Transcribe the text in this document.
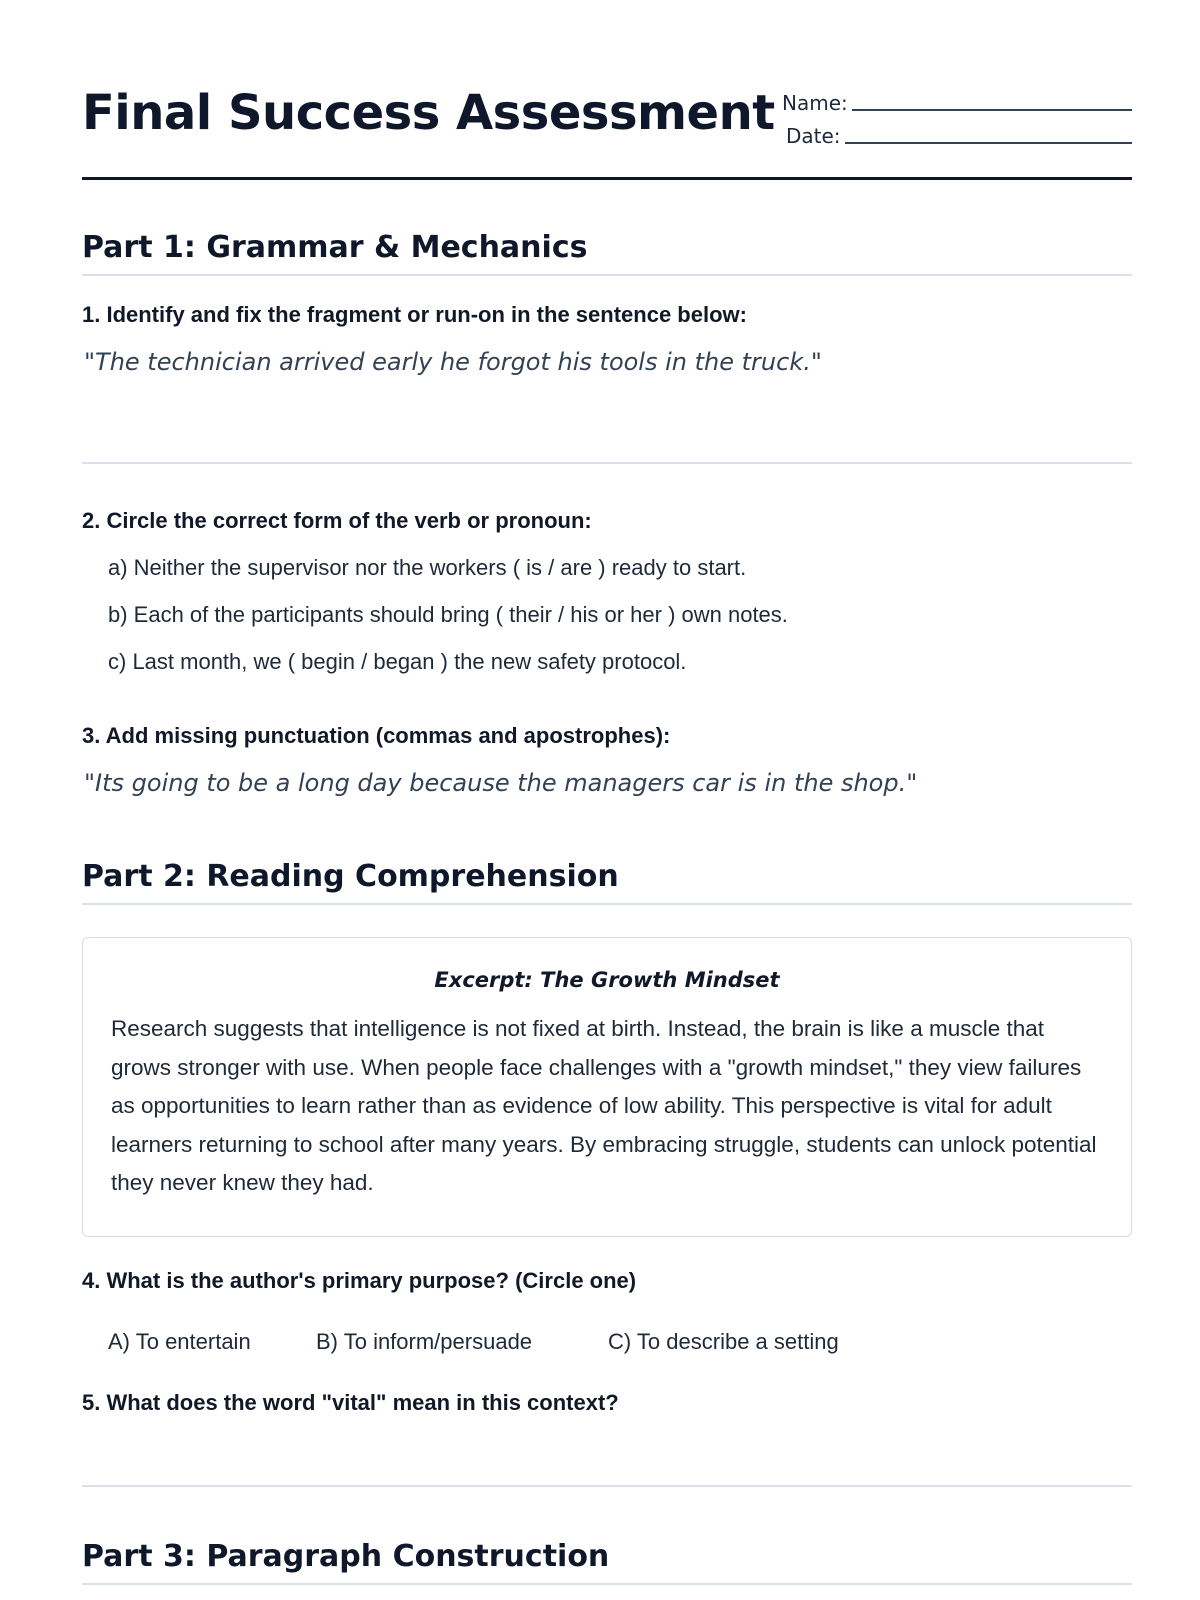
Final Success Assessment Name:
Date:
Part 1: Grammar & Mechanics

1. Identify and fix the fragment or run-on in the sentence below:

"The technician arrived early he forgot his tools in the truck."

2. Circle the correct form of the verb or pronoun:

a) Neither the supervisor nor the workers ( is / are ) ready to start.

b) Each of the participants should bring ( their / his or her ) own notes.

c) Last month, we ( begin / began ) the new safety protocol.

3. Add missing punctuation (commas and apostrophes):

"Its going to be a long day because the managers car is in the shop."

Part 2: Reading Comprehension

Excerpt: The Growth Mindset

Research suggests that intelligence is not fixed at birth. Instead, the brain is like a muscle that grows stronger with use. When people face challenges with a "growth mindset," they view failures as opportunities to learn rather than as evidence of low ability. This perspective is vital for adult learners returning to school after many years. By embracing struggle, students can unlock potential they never knew they had.

4. What is the author's primary purpose? (Circle one)

A) To entertain	B) To inform/persuade	C) To describe a setting

5. What does the word "vital" mean in this context?

Part 3: Paragraph Construction
